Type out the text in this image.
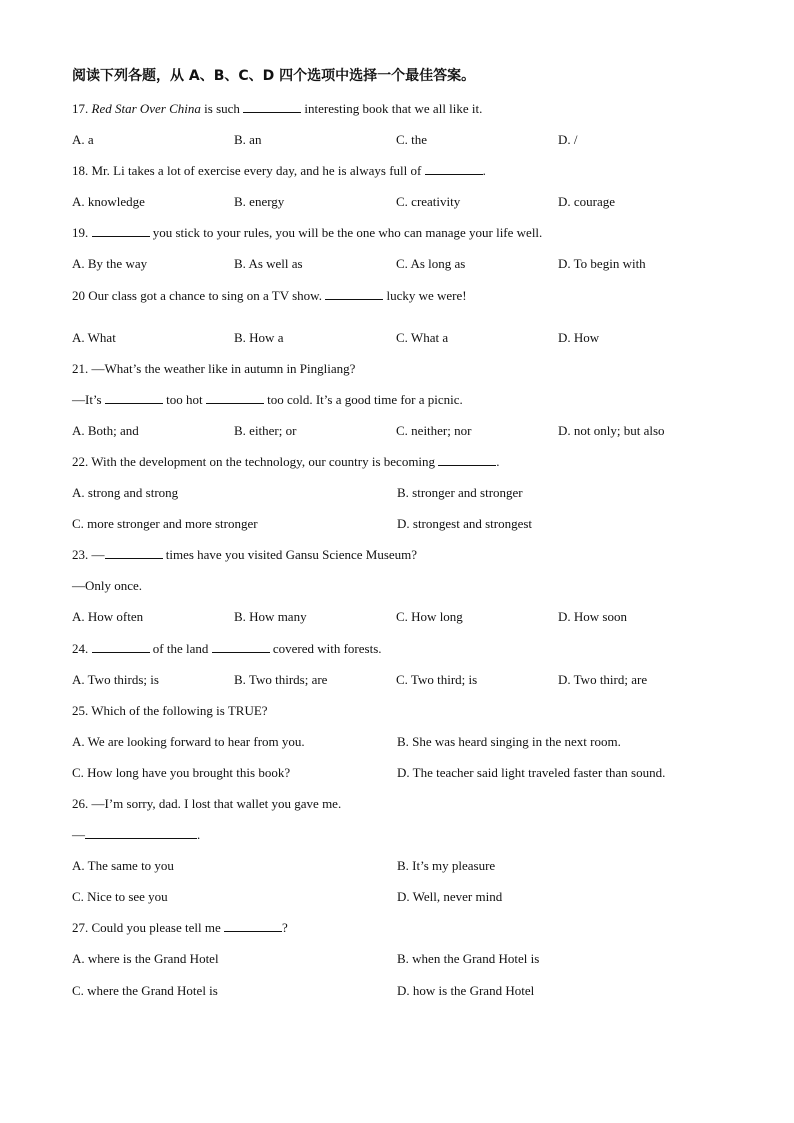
阅读下列各题，从 A、B、C、D 四个选项中选择一个最佳答案。
17. Red Star Over China is such	interesting book that we all like it.
A. a	B. an	C. the	D. /
18. Mr. Li takes a lot of exercise every day, and he is always full of	.
A. knowledge	B. energy	C. creativity	D. courage
19.	you stick to your rules, you will be the one who can manage your life well.
A. By the way	B. As well as	C. As long as	D. To begin with
20 Our class got a chance to sing on a TV show.	lucky we were!
A. What	B. How a	C. What a	D. How
21. —What’s the weather like in autumn in Pingliang?
—It’s	too hot	too cold. It’s a good time for a picnic.
A. Both; and	B. either; or	C. neither; nor	D. not only; but also
22. With the development on the technology, our country is becoming	.
A. strong and strong	B. stronger and stronger
C. more stronger and more stronger	D. strongest and strongest
23. —	times have you visited Gansu Science Museum?
—Only once.
A. How often	B. How many	C. How long	D. How soon
24.	of the land	covered with forests.
A. Two thirds; is	B. Two thirds; are	C. Two third; is	D. Two third; are
25. Which of the following is TRUE?
A. We are looking forward to hear from you.	B. She was heard singing in the next room.
C. How long have you brought this book?	D. The teacher said light traveled faster than sound.
26. —I’m sorry, dad. I lost that wallet you gave me.
—	.
A. The same to you	B. It’s my pleasure
C. Nice to see you	D. Well, never mind
27. Could you please tell me	?
A. where is the Grand Hotel	B. when the Grand Hotel is
C. where the Grand Hotel is	D. how is the Grand Hotel
